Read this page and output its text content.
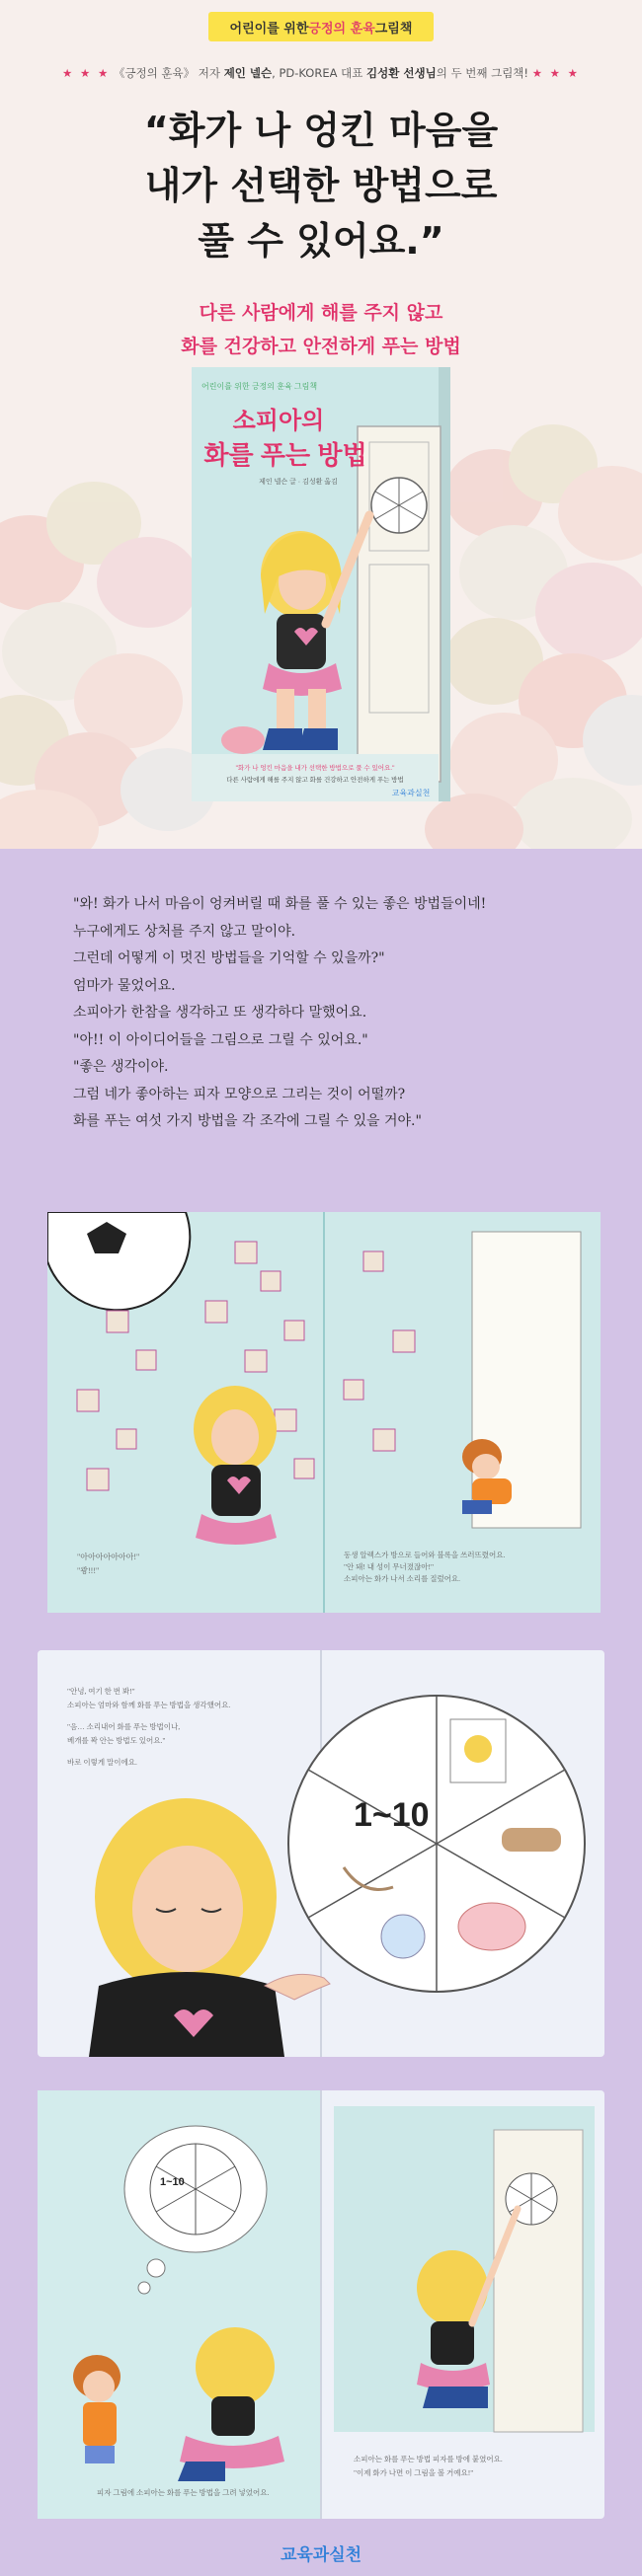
어린이를 위한 긍정의 훈육 그림책
★ ★ ★ 《긍정의 훈육》 저자 제인 넬슨, PD-KOREA 대표 김성환 선생님의 두 번째 그림책! ★ ★ ★
“화가 나 엉킨 마음을
내가 선택한 방법으로
풀 수 있어요.”
다른 사람에게 해를 주지 않고
화를 건강하고 안전하게 푸는 방법
어린이를 위한 긍정의 훈육 그림책
소피아의
화를 푸는 방법
제인 넬슨 글 · 김성환 옮김
"화가 나 엉킨 마음을 내가 선택한 방법으로 풀 수 있어요."
다른 사람에게 해를 주지 않고 화를 건강하고 안전하게 푸는 방법
교육과실천

"와! 화가 나서 마음이 엉켜버릴 때 화를 풀 수 있는 좋은 방법들이네!

누구에게도 상처를 주지 않고 말이야.

그런데 어떻게 이 멋진 방법들을 기억할 수 있을까?"

엄마가 물었어요.

소피아가 한참을 생각하고 또 생각하다 말했어요.

"아!! 이 아이디어들을 그림으로 그릴 수 있어요."

"좋은 생각이야.

그럼 네가 좋아하는 피자 모양으로 그리는 것이 어떨까?

화를 푸는 여섯 가지 방법을 각 조각에 그릴 수 있을 거야."

"아아아아아아아!"
"쾅!!!"
동생 알렉스가 방으로 들어와 블록을 쓰러뜨렸어요.
"안 돼! 내 성이 무너졌잖아!"
소피아는 화가 나서 소리를 질렀어요.
"안녕, 여기 한 번 봐!"
소피아는 엄마와 함께 화를 푸는 방법을 생각했어요.
"음… 소리내어 화를 푸는 방법이나,
베개를 꽉 안는 방법도 있어요."
바로 이렇게 말이에요.
1~10
1~10
피자 그림에 소피아는 화를 푸는 방법을 그려 넣었어요.
소피아는 화를 푸는 방법 피자를 방에 붙였어요.
"이제 화가 나면 이 그림을 볼 거예요!"
교육과실천
